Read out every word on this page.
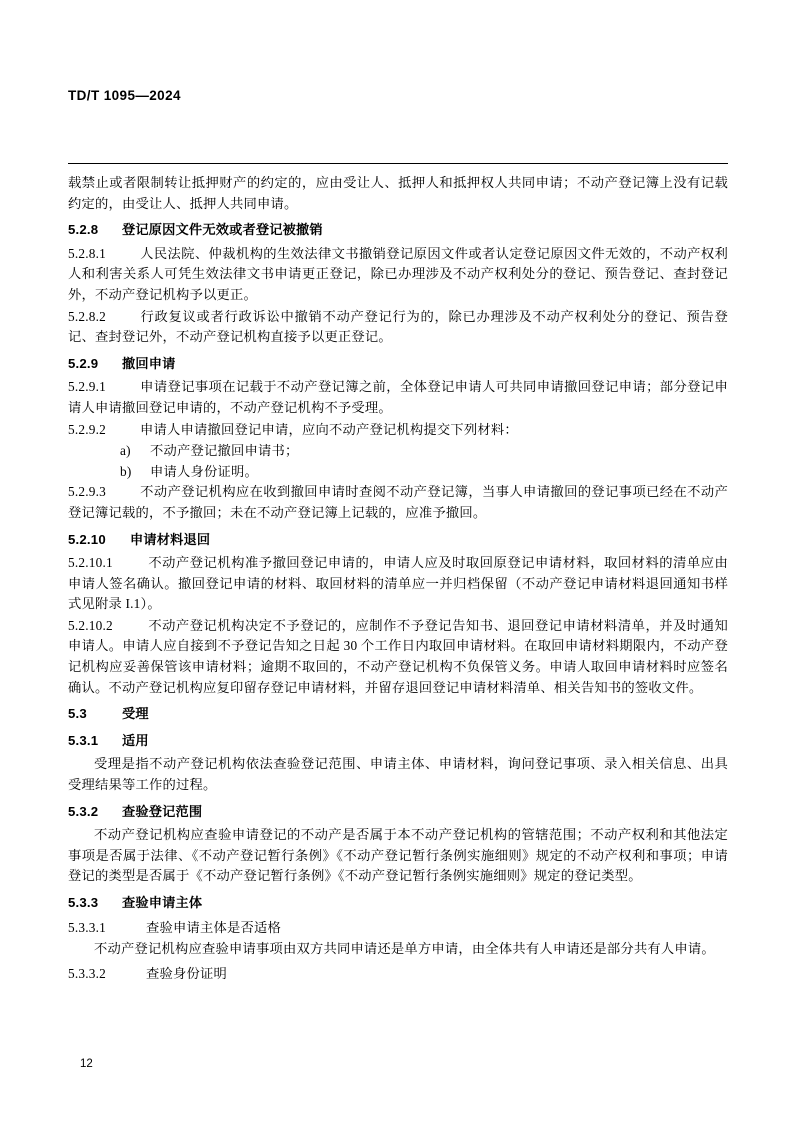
TD/T 1095—2024

载禁止或者限制转让抵押财产的约定的，应由受让人、抵押人和抵押权人共同申请；不动产登记簿上没有记载约定的，由受让人、抵押人共同申请。

5.2.8 登记原因文件无效或者登记被撤销

5.2.8.1	人民法院、仲裁机构的生效法律文书撤销登记原因文件或者认定登记原因文件无效的，不动产权利人和利害关系人可凭生效法律文书申请更正登记，除已办理涉及不动产权利处分的登记、预告登记、查封登记外，不动产登记机构予以更正。

5.2.8.2	行政复议或者行政诉讼中撤销不动产登记行为的，除已办理涉及不动产权利处分的登记、预告登记、查封登记外，不动产登记机构直接予以更正登记。

5.2.9 撤回申请

5.2.9.1	申请登记事项在记载于不动产登记簿之前，全体登记申请人可共同申请撤回登记申请；部分登记申请人申请撤回登记申请的，不动产登记机构不予受理。

5.2.9.2	申请人申请撤回登记申请，应向不动产登记机构提交下列材料：

a) 不动产登记撤回申请书；

b) 申请人身份证明。

5.2.9.3	不动产登记机构应在收到撤回申请时查阅不动产登记簿，当事人申请撤回的登记事项已经在不动产登记簿记载的，不予撤回；未在不动产登记簿上记载的，应准予撤回。

5.2.10 申请材料退回

5.2.10.1	不动产登记机构准予撤回登记申请的，申请人应及时取回原登记申请材料，取回材料的清单应由申请人签名确认。撤回登记申请的材料、取回材料的清单应一并归档保留（不动产登记申请材料退回通知书样式见附录 I.1）。

5.2.10.2	不动产登记机构决定不予登记的，应制作不予登记告知书、退回登记申请材料清单，并及时通知申请人。申请人应自接到不予登记告知之日起 30 个工作日内取回申请材料。在取回申请材料期限内，不动产登记机构应妥善保管该申请材料；逾期不取回的，不动产登记机构不负保管义务。申请人取回申请材料时应签名确认。不动产登记机构应复印留存登记申请材料，并留存退回登记申请材料清单、相关告知书的签收文件。

5.3	受理

5.3.1 适用

受理是指不动产登记机构依法查验登记范围、申请主体、申请材料，询问登记事项、录入相关信息、出具受理结果等工作的过程。

5.3.2 查验登记范围

不动产登记机构应查验申请登记的不动产是否属于本不动产登记机构的管辖范围；不动产权利和其他法定事项是否属于法律、《不动产登记暂行条例》《不动产登记暂行条例实施细则》规定的不动产权利和事项；申请登记的类型是否属于《不动产登记暂行条例》《不动产登记暂行条例实施细则》规定的登记类型。

5.3.3 查验申请主体

5.3.3.1	查验申请主体是否适格

不动产登记机构应查验申请事项由双方共同申请还是单方申请，由全体共有人申请还是部分共有人申请。

5.3.3.2	查验身份证明

12
